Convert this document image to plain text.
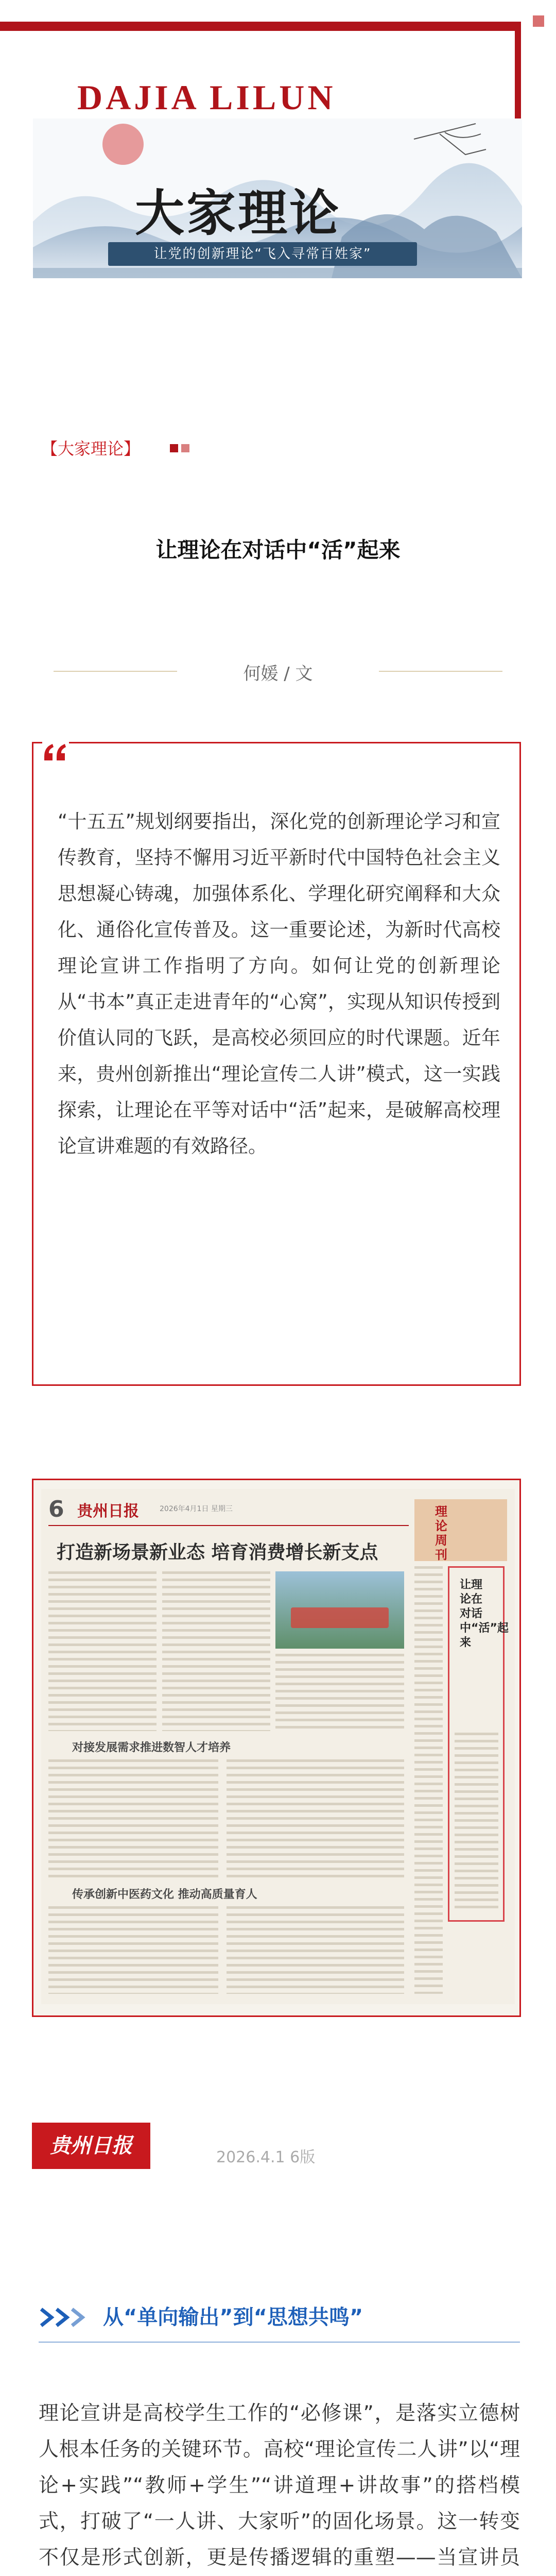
DAJIA LILUN
大家理论
让党的创新理论“飞入寻常百姓家”
【大家理论】
让理论在对话中“活”起来
何媛 / 文
“十五五”规划纲要指出，深化党的创新理论学习和宣传教育，坚持不懈用习近平新时代中国特色社会主义思想凝心铸魂，加强体系化、学理化研究阐释和大众化、通俗化宣传普及。这一重要论述，为新时代高校理论宣讲工作指明了方向。如何让党的创新理论从“书本”真正走进青年的“心窝”，实现从知识传授到价值认同的飞跃，是高校必须回应的时代课题。近年来，贵州创新推出“理论宣传二人讲”模式，这一实践探索，让理论在平等对话中“活”起来，是破解高校理论宣讲难题的有效路径。
6 贵州日报	2026年4月1日 星期三
打造新场景新业态 培育消费增长新支点
对接发展需求推进数智人才培养
传承创新中医药文化 推动高质量育人
理论周刊
让理论在对话中“活”起来
贵州日报	2026.4.1 6版
从“单向输出”到“思想共鸣”
理论宣讲是高校学生工作的“必修课”，是落实立德树人根本任务的关键环节。高校“理论宣传二人讲”以“理论+实践”“教师+学生”“讲道理+讲故事”的搭档模式，打破了“一人讲、大家听”的固化场景。这一转变不仅是形式创新，更是传播逻辑的重塑——当宣讲员
